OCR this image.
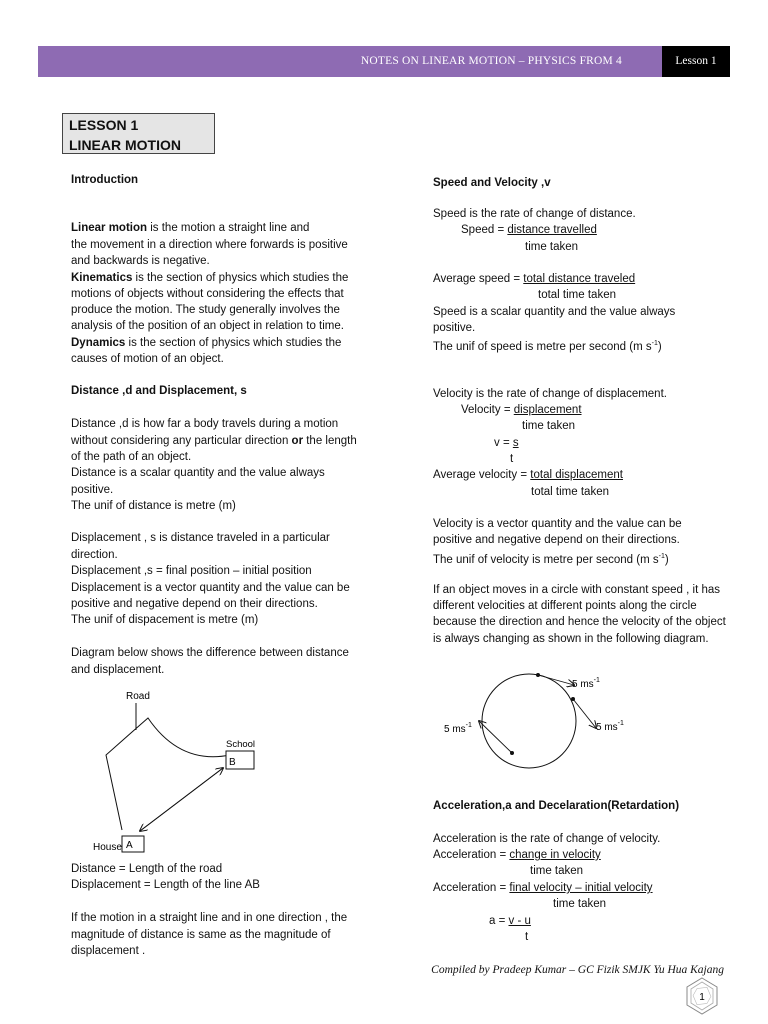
NOTES ON LINEAR MOTION – PHYSICS FROM 4	Lesson 1
LESSON 1
LINEAR MOTION
Introduction
Linear motion is the motion a straight line and
the movement in a direction where forwards is positive
and backwards is negative.
Kinematics is the section of physics which studies the
motions of objects without considering the effects that
produce the motion. The study generally involves the
analysis of the position of an object in relation to time.
Dynamics is the section of physics which studies the
causes of motion of an object.
Distance ,d and Displacement, s
Distance ,d is how far a body travels during a motion
without considering any particular direction or the length
of the path of an object.
Distance is a scalar quantity and the value always
positive.
The unif of distance is metre (m)
Displacement , s is distance traveled in a particular
direction.
Displacement ,s = final position – initial position
Displacement is a vector quantity and the value can be
positive and negative depend on their directions.
The unif of dispacement is metre (m)
Diagram below shows the difference between distance
and displacement.
Road
School
B
House A
Distance = Length of the road
Displacement = Length of the line AB
If the motion in a straight line and in one direction , the
magnitude of distance is same as the magnitude of
displacement .
Speed and Velocity ,v
Speed is the rate of change of distance.
Speed = distance travelled
time taken
Average speed = total distance traveled
total time taken
Speed is a scalar quantity and the value always
positive.
The unif of speed is metre per second (m $s^{-1}$)
Velocity is the rate of change of displacement.
Velocity = displacement
time taken
v = s
t
Average velocity = total displacement
total time taken
Velocity is a vector quantity and the value can be
positive and negative depend on their directions.
The unif of velocity is metre per second (m $s^{-1}$)
If an object moves in a circle with constant speed , it has
different velocities at different points along the circle
because the direction and hence the velocity of the object
is always changing as shown in the following diagram.
5 $ms^{-1}$
5 $ms^{-1}$
5 $ms^{-1}$
Acceleration,a and Decelaration(Retardation)
Acceleration is the rate of change of velocity.
Acceleration = change in velocity
time taken
Acceleration = final velocity – initial velocity
time taken
a = v - u
t
Compiled by Pradeep Kumar – GC Fizik SMJK Yu Hua Kajang
1
